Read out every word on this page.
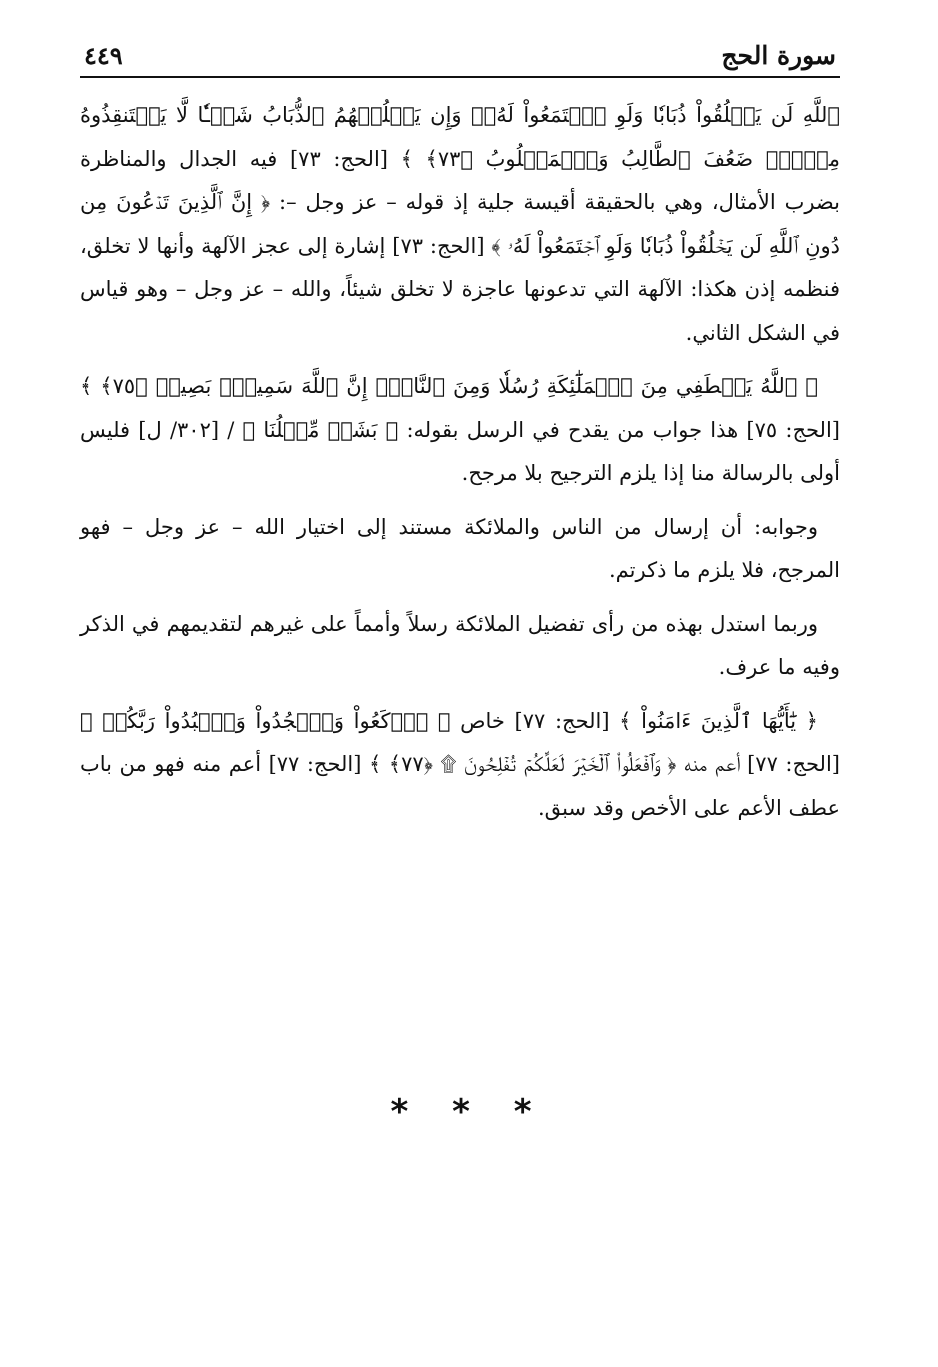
سورة الحج
٤٤٩

ٱللَّهِ لَن يَخۡلُقُواْ ذُبَابٗا وَلَوِ ٱجۡتَمَعُواْ لَهُۥۖ وَإِن يَسۡلُبۡهُمُ ٱلذُّبَابُ شَيۡـٔٗا لَّا يَسۡتَنقِذُوهُ مِنۡهُۚ ضَعُفَ ٱلطَّالِبُ وَٱلۡمَطۡلُوبُ ﴿٧٣﴾ ﴾ [الحج: ٧٣] فيه الجدال والمناظرة بضرب الأمثال، وهي بالحقيقة أقيسة جلية إذ قوله – عز وجل –: ﴿ إِنَّ ٱلَّذِينَ تَدۡعُونَ مِن دُونِ ٱللَّهِ لَن يَخۡلُقُواْ ذُبَابٗا وَلَوِ ٱجۡتَمَعُواْ لَهُۥ ﴾ [الحج: ٧٣] إشارة إلى عجز الآلهة وأنها لا تخلق، فنظمه إذن هكذا: الآلهة التي تدعونها عاجزة لا تخلق شيئاً، والله – عز وجل – وهو قياس في الشكل الثاني.

﴿ ٱللَّهُ يَصۡطَفِي مِنَ ٱلۡمَلَٰٓئِكَةِ رُسُلٗا وَمِنَ ٱلنَّاسِۚ إِنَّ ٱللَّهَ سَمِيعُۢ بَصِيرٞ ﴿٧٥﴾ ﴾ [الحج: ٧٥] هذا جواب من يقدح في الرسل بقوله: ﴿ بَشَرٞ مِّثۡلُنَا ﴾ / [٣٠٢/ ل] فليس أولى بالرسالة منا إذا يلزم الترجيح بلا مرجح.

وجوابه: أن إرسال من الناس والملائكة مستند إلى اختيار الله – عز وجل – فهو المرجح، فلا يلزم ما ذكرتم.

وربما استدل بهذه من رأى تفضيل الملائكة رسلاً وأمماً على غيرهم لتقديمهم في الذكر وفيه ما عرف.

﴿ يَٰٓأَيُّهَا ٱلَّذِينَ ءَامَنُواْ ﴾ [الحج: ٧٧] خاص ﴿ ٱرۡكَعُواْ وَٱسۡجُدُواْ وَٱعۡبُدُواْ رَبَّكُمۡ ﴾ [الحج: ٧٧] أعم منه ﴿ وَٱفۡعَلُواْ ٱلۡخَيۡرَ لَعَلَّكُمۡ تُفۡلِحُونَ ۩ ﴿٧٧﴾ ﴾ [الحج: ٧٧] أعم منه فهو من باب عطف الأعم على الأخص وقد سبق.

* * *
